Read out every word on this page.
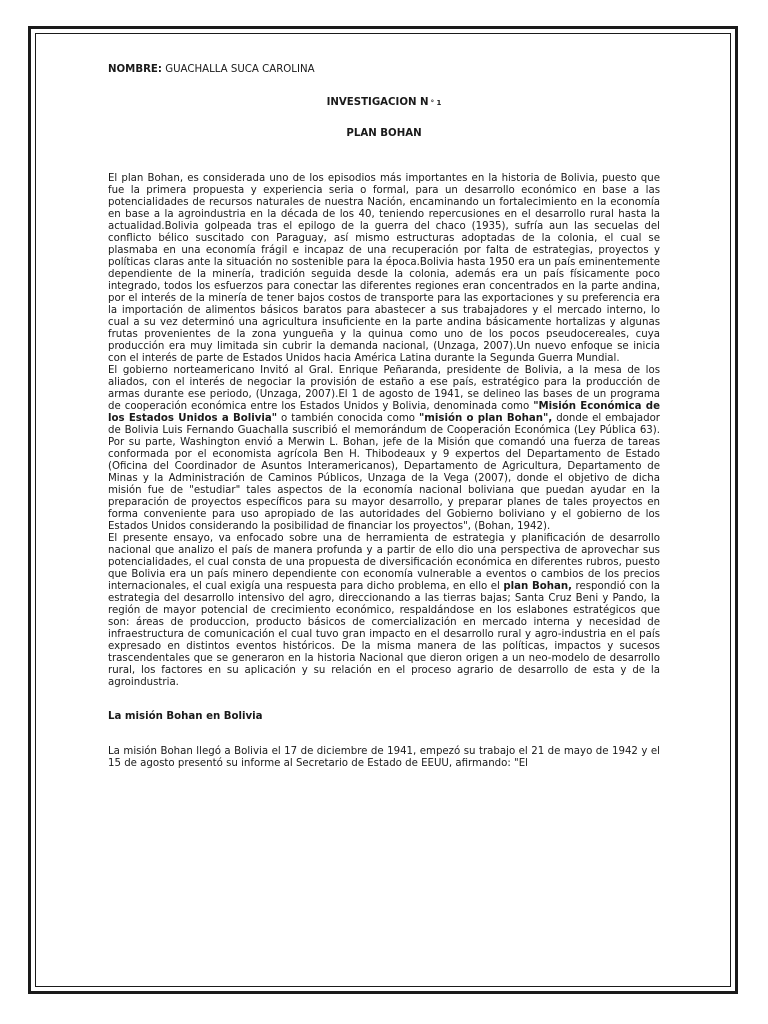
NOMBRE: GUACHALLA SUCA CAROLINA

INVESTIGACION N ° 1

PLAN BOHAN

El plan Bohan, es considerada uno de los episodios más importantes en la historia de Bolivia, puesto que fue la primera propuesta y experiencia seria o formal, para un desarrollo económico en base a las potencialidades de recursos naturales de nuestra Nación, encaminando un fortalecimiento en la economía en base a la agroindustria en la década de los 40, teniendo repercusiones en el desarrollo rural hasta la actualidad.Bolivia golpeada tras el epilogo de la guerra del chaco (1935), sufría aun las secuelas del conflicto bélico suscitado con Paraguay, así mismo estructuras adoptadas de la colonia, el cual se plasmaba en una economía frágil e incapaz de una recuperación por falta de estrategias, proyectos y políticas claras ante la situación no sostenible para la época.Bolivia hasta 1950 era un país eminentemente dependiente de la minería, tradición seguida desde la colonia, además era un país físicamente poco integrado, todos los esfuerzos para conectar las diferentes regiones eran concentrados en la parte andina, por el interés de la minería de tener bajos costos de transporte para las exportaciones y su preferencia era la importación de alimentos básicos baratos para abastecer a sus trabajadores y el mercado interno, lo cual a su vez determinó una agricultura insuficiente en la parte andina básicamente hortalizas y algunas frutas provenientes de la zona yungueña y la quinua como uno de los pocos pseudocereales, cuya producción era muy limitada sin cubrir la demanda nacional, (Unzaga, 2007).Un nuevo enfoque se inicia con el interés de parte de Estados Unidos hacia América Latina durante la Segunda Guerra Mundial.

El gobierno norteamericano Invitó al Gral. Enrique Peñaranda, presidente de Bolivia, a la mesa de los aliados, con el interés de negociar la provisión de estaño a ese país, estratégico para la producción de armas durante ese periodo, (Unzaga, 2007).El 1 de agosto de 1941, se delineo las bases de un programa de cooperación económica entre los Estados Unidos y Bolivia, denominada como "Misión Económica de los Estados Unidos a Bolivia" o también conocida como "misión o plan Bohan", donde el embajador de Bolivia Luis Fernando Guachalla suscribió el memorándum de Cooperación Económica (Ley Pública 63). Por su parte, Washington envió a Merwin L. Bohan, jefe de la Misión que comandó una fuerza de tareas conformada por el economista agrícola Ben H. Thibodeaux y 9 expertos del Departamento de Estado (Oficina del Coordinador de Asuntos Interamericanos), Departamento de Agricultura, Departamento de Minas y la Administración de Caminos Públicos, Unzaga de la Vega (2007), donde el objetivo de dicha misión fue de "estudiar" tales aspectos de la economía nacional boliviana que puedan ayudar en la preparación de proyectos específicos para su mayor desarrollo, y preparar planes de tales proyectos en forma conveniente para uso apropiado de las autoridades del Gobierno boliviano y el gobierno de los Estados Unidos considerando la posibilidad de financiar los proyectos", (Bohan, 1942).

El presente ensayo, va enfocado sobre una de herramienta de estrategia y planificación de desarrollo nacional que analizo el país de manera profunda y a partir de ello dio una perspectiva de aprovechar sus potencialidades, el cual consta de una propuesta de diversificación económica en diferentes rubros, puesto que Bolivia era un país minero dependiente con economía vulnerable a eventos o cambios de los precios internacionales, el cual exigía una respuesta para dicho problema, en ello el plan Bohan, respondió con la estrategia del desarrollo intensivo del agro, direccionando a las tierras bajas; Santa Cruz Beni y Pando, la región de mayor potencial de crecimiento económico, respaldándose en los eslabones estratégicos que son: áreas de produccion, producto básicos de comercialización en mercado interna y necesidad de infraestructura de comunicación el cual tuvo gran impacto en el desarrollo rural y agro-industria en el país expresado en distintos eventos históricos. De la misma manera de las políticas, impactos y sucesos trascendentales que se generaron en la historia Nacional que dieron origen a un neo-modelo de desarrollo rural, los factores en su aplicación y su relación en el proceso agrario de desarrollo de esta y de la agroindustria.

La misión Bohan en Bolivia

La misión Bohan llegó a Bolivia el 17 de diciembre de 1941, empezó su trabajo el 21 de mayo de 1942 y el 15 de agosto presentó su informe al Secretario de Estado de EEUU, afirmando: "El
